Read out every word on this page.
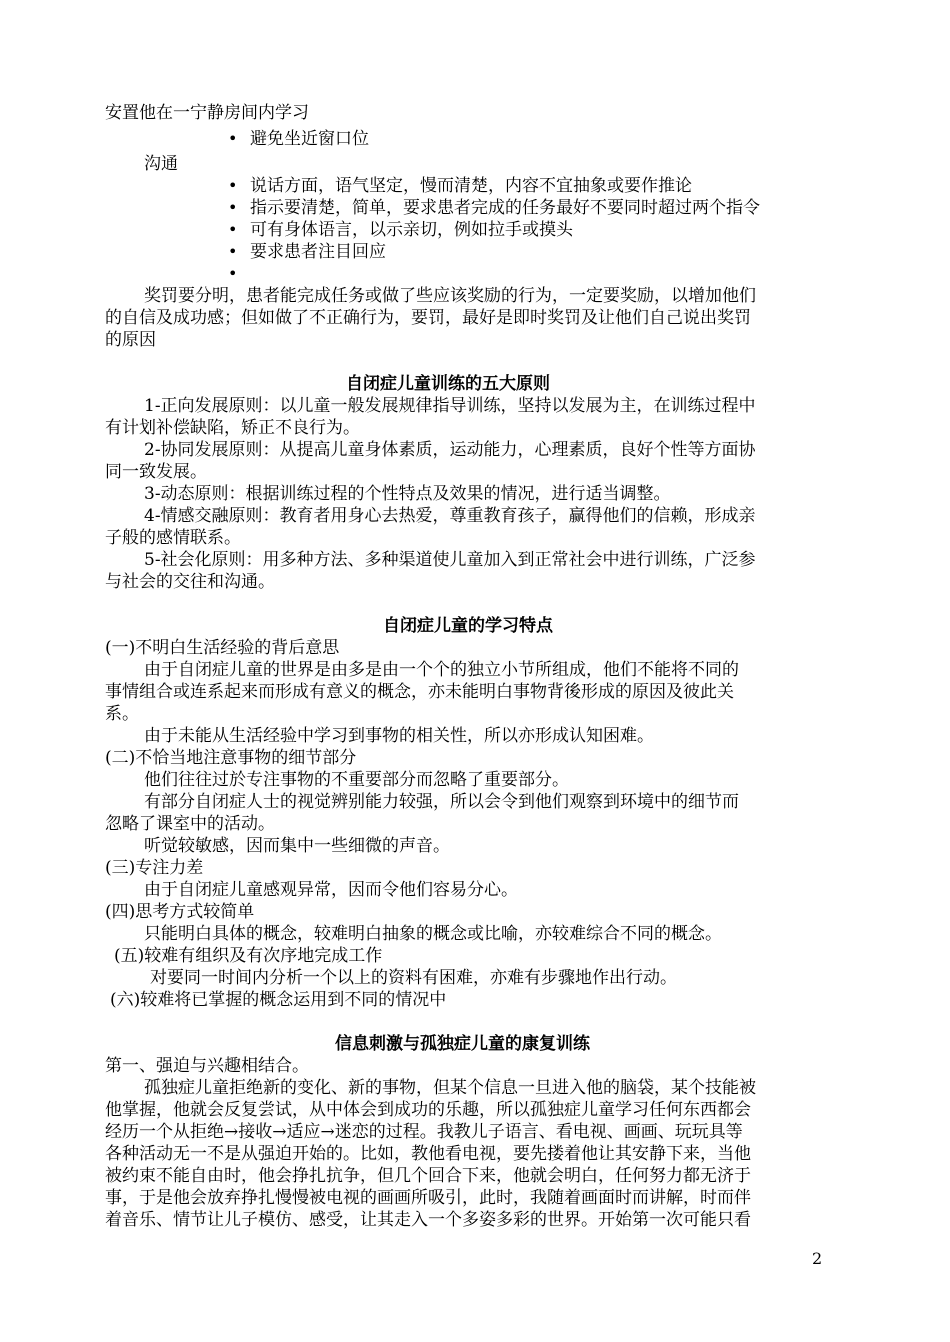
安置他在一宁静房间内学习
• 避免坐近窗口位
沟通
• 说话方面，语气坚定，慢而清楚，内容不宜抽象或要作推论
• 指示要清楚，简单，要求患者完成的任务最好不要同时超过两个指令
• 可有身体语言，以示亲切，例如拉手或摸头
• 要求患者注目回应
•
奖罚要分明，患者能完成任务或做了些应该奖励的行为，一定要奖励，以增加他们
的自信及成功感；但如做了不正确行为，要罚，最好是即时奖罚及让他们自己说出奖罚
的原因
自闭症儿童训练的五大原则
1-正向发展原则：以儿童一般发展规律指导训练，坚持以发展为主，在训练过程中
有计划补偿缺陷，矫正不良行为。
2-协同发展原则：从提高儿童身体素质，运动能力，心理素质，良好个性等方面协
同一致发展。
3-动态原则：根据训练过程的个性特点及效果的情况，进行适当调整。
4-情感交融原则：教育者用身心去热爱，尊重教育孩子，赢得他们的信赖，形成亲
子般的感情联系。
5-社会化原则：用多种方法、多种渠道使儿童加入到正常社会中进行训练，广泛参
与社会的交往和沟通。
自闭症儿童的学习特点
(一)不明白生活经验的背后意思
由于自闭症儿童的世界是由多是由一个个的独立小节所组成，他们不能将不同的
事情组合或连系起来而形成有意义的概念，亦未能明白事物背後形成的原因及彼此关
系。
由于未能从生活经验中学习到事物的相关性，所以亦形成认知困难。
(二)不恰当地注意事物的细节部分
他们往往过於专注事物的不重要部分而忽略了重要部分。
有部分自闭症人士的视觉辨别能力较强，所以会令到他们观察到环境中的细节而
忽略了课室中的活动。
听觉较敏感，因而集中一些细微的声音。
(三)专注力差
由于自闭症儿童感观异常，因而令他们容易分心。
(四)思考方式较简单
只能明白具体的概念，较难明白抽象的概念或比喻，亦较难综合不同的概念。
(五)较难有组织及有次序地完成工作
对要同一时间内分析一个以上的资料有困难，亦难有步骤地作出行动。
(六)较难将已掌握的概念运用到不同的情况中
信息刺激与孤独症儿童的康复训练
第一、强迫与兴趣相结合。
孤独症儿童拒绝新的变化、新的事物，但某个信息一旦进入他的脑袋，某个技能被
他掌握，他就会反复尝试，从中体会到成功的乐趣，所以孤独症儿童学习任何东西都会
经历一个从拒绝→接收→适应→迷恋的过程。我教儿子语言、看电视、画画、玩玩具等
各种活动无一不是从强迫开始的。比如，教他看电视，要先搂着他让其安静下来，当他
被约束不能自由时，他会挣扎抗争，但几个回合下来，他就会明白，任何努力都无济于
事，于是他会放弃挣扎慢慢被电视的画画所吸引，此时，我随着画面时而讲解，时而伴
着音乐、情节让儿子模仿、感受，让其走入一个多姿多彩的世界。开始第一次可能只看
2
